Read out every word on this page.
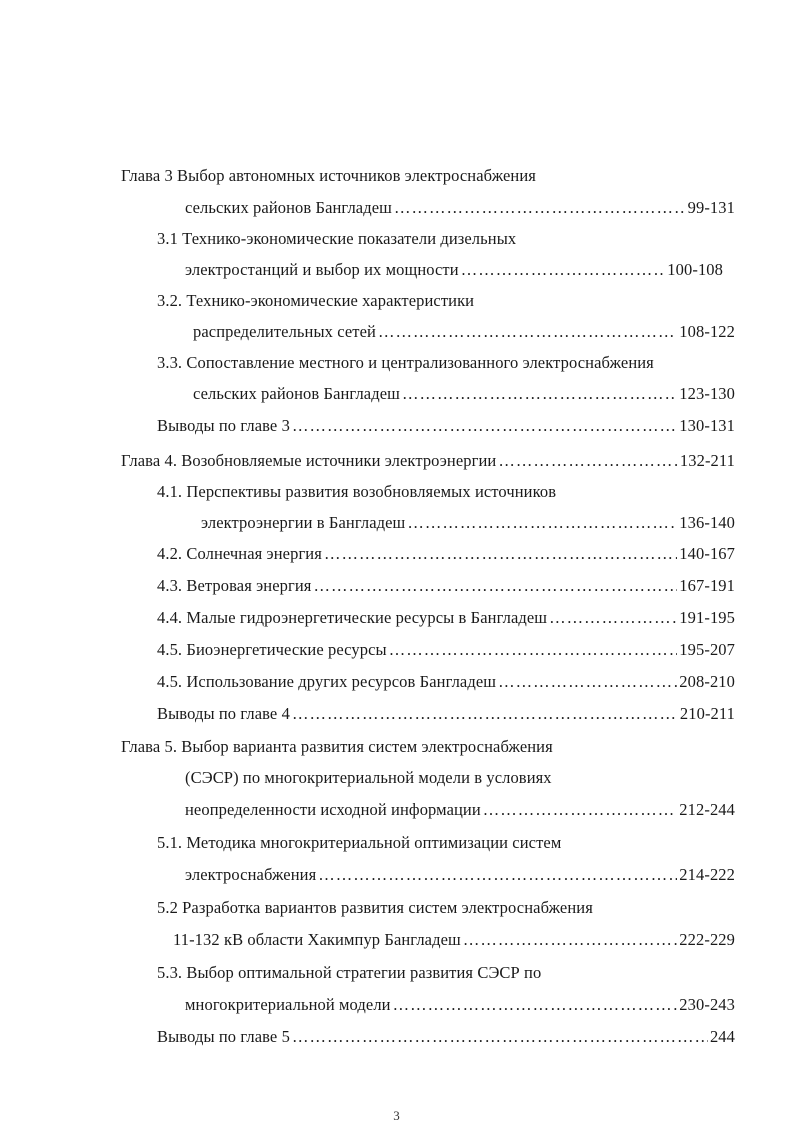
Глава 3 Выбор автономных источников электроснабжения
сельских районов Бангладеш ………………………………………………………………………………………………………………………………………………	99-131
3.1 Технико-экономические показатели дизельных
электростанций и выбор их мощности ………………………………………………………………………………………………………………………………………………	100-108
3.2. Технико-экономические характеристики
распределительных сетей ………………………………………………………………………………………………………………………………………………	108-122
3.3. Сопоставление местного и централизованного электроснабжения
сельских районов Бангладеш ………………………………………………………………………………………………………………………………………………	123-130
Выводы по главе 3 ………………………………………………………………………………………………………………………………………………	130-131
Глава 4. Возобновляемые источники электроэнергии ………………………………………………………………………………………………………………………………………………	132-211
4.1. Перспективы развития возобновляемых источников
электроэнергии в Бангладеш ………………………………………………………………………………………………………………………………………………	136-140
4.2. Солнечная энергия ………………………………………………………………………………………………………………………………………………	140-167
4.3. Ветровая энергия ………………………………………………………………………………………………………………………………………………	167-191
4.4. Малые гидроэнергетические ресурсы в Бангладеш ………………………………………………………………………………………………………………………………………………	191-195
4.5. Биоэнергетические ресурсы ………………………………………………………………………………………………………………………………………………	195-207
4.5. Использование других ресурсов Бангладеш ………………………………………………………………………………………………………………………………………………	208-210
Выводы по главе 4 ………………………………………………………………………………………………………………………………………………	210-211
Глава 5. Выбор варианта развития систем электроснабжения
(СЭСР) по многокритериальной модели в условиях
неопределенности исходной информации ………………………………………………………………………………………………………………………………………………	212-244
5.1. Методика многокритериальной оптимизации систем
электроснабжения ………………………………………………………………………………………………………………………………………………	214-222
5.2 Разработка вариантов развития систем электроснабжения
11-132 кВ области Хакимпур Бангладеш ………………………………………………………………………………………………………………………………………………	222-229
5.3. Выбор оптимальной стратегии развития СЭСР по
многокритериальной модели ………………………………………………………………………………………………………………………………………………	230-243
Выводы по главе 5 ………………………………………………………………………………………………………………………………………………	244
3
